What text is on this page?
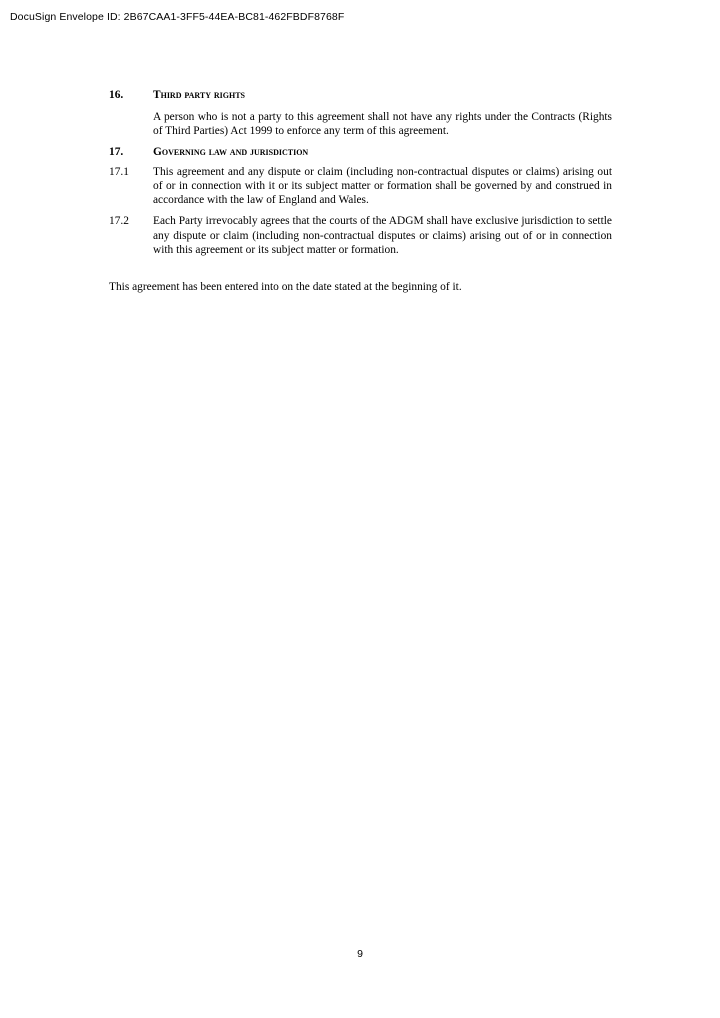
DocuSign Envelope ID: 2B67CAA1-3FF5-44EA-BC81-462FBDF8768F
16.	Third party rights
A person who is not a party to this agreement shall not have any rights under the Contracts (Rights of Third Parties) Act 1999 to enforce any term of this agreement.
17.	Governing law and jurisdiction
17.1	This agreement and any dispute or claim (including non-contractual disputes or claims) arising out of or in connection with it or its subject matter or formation shall be governed by and construed in accordance with the law of England and Wales.
17.2	Each Party irrevocably agrees that the courts of the ADGM shall have exclusive jurisdiction to settle any dispute or claim (including non-contractual disputes or claims) arising out of or in connection with this agreement or its subject matter or formation.
This agreement has been entered into on the date stated at the beginning of it.
9
